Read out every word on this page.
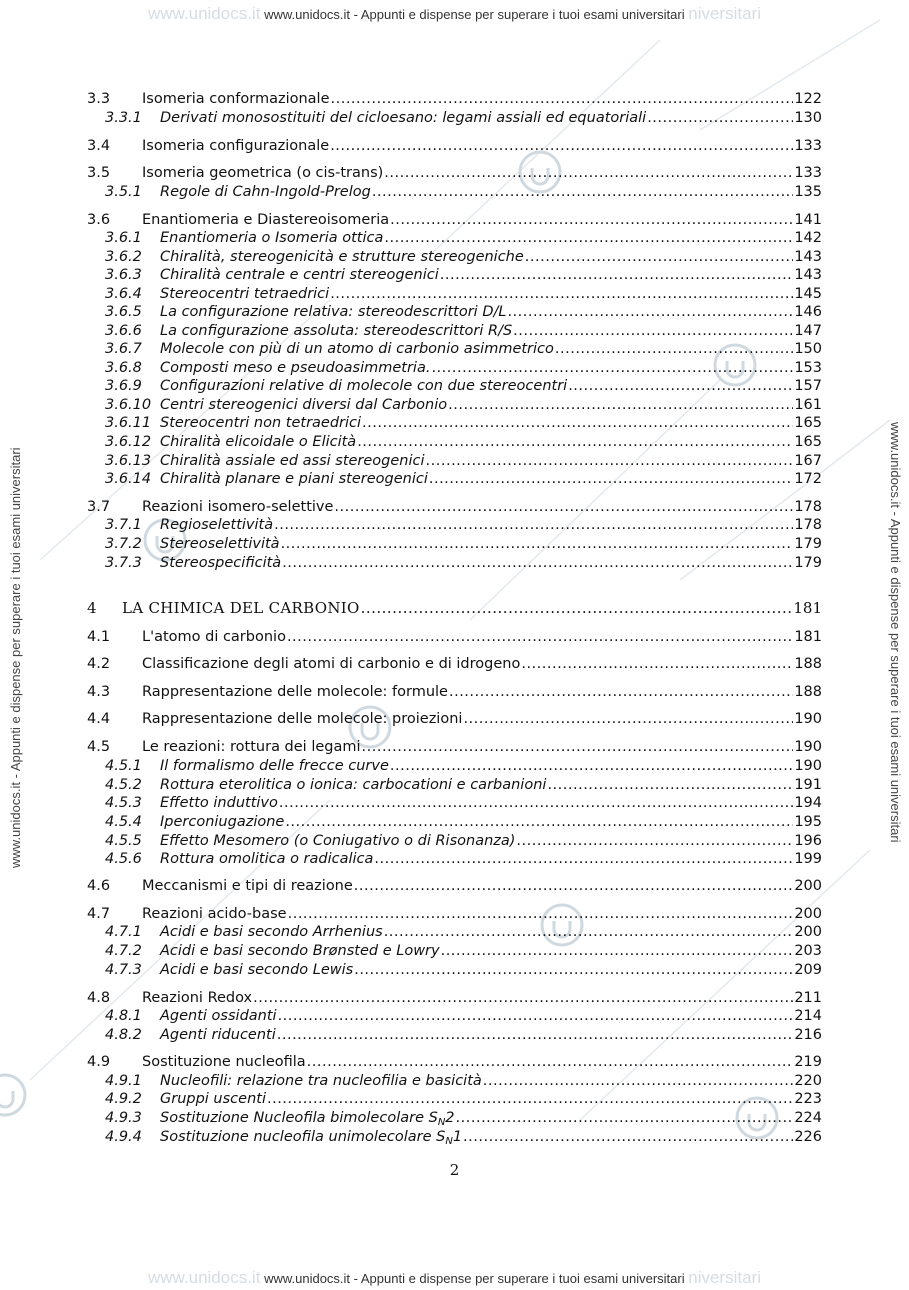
www.unidocs.it www.unidocs.it - Appunti e dispense per superare i tuoi esami universitari niversitari
www.unidocs.it - Appunti e dispense per superare i tuoi esami universitari	www.unidocs.it - Appunti e dispense per superare i tuoi esami universitari
3.3	Isomeria conformazionale .....	122
3.3.1	Derivati monosostituiti del cicloesano: legami assiali ed equatoriali .....	130
3.4	Isomeria configurazionale .....	133
3.5	Isomeria geometrica (o cis-trans) .....	133
3.5.1	Regole di Cahn-Ingold-Prelog .....	135
3.6	Enantiomeria e Diastereoisomeria .....	141
3.6.1	Enantiomeria o Isomeria ottica .....	142
3.6.2	Chiralità, stereogenicità e strutture stereogeniche .....	143
3.6.3	Chiralità centrale e centri stereogenici .....	143
3.6.4	Stereocentri tetraedrici .....	145
3.6.5	La configurazione relativa: stereodescrittori D/L .....	146
3.6.6	La configurazione assoluta: stereodescrittori R/S .....	147
3.6.7	Molecole con più di un atomo di carbonio asimmetrico .....	150
3.6.8	Composti meso e pseudoasimmetria. .....	153
3.6.9	Configurazioni relative di molecole con due stereocentri .....	157
3.6.10 Centri stereogenici diversi dal Carbonio .....	161
3.6.11 Stereocentri non tetraedrici .....	165
3.6.12 Chiralità elicoidale o Elicità .....	165
3.6.13 Chiralità assiale ed assi stereogenici .....	167
3.6.14 Chiralità planare e piani stereogenici .....	172
3.7	Reazioni isomero-selettive .....	178
3.7.1	Regioselettività .....	178
3.7.2	Stereoselettività .....	179
3.7.3	Stereospecificità .....	179
4	LA CHIMICA DEL CARBONIO .....	181
4.1	L'atomo di carbonio .....	181
4.2	Classificazione degli atomi di carbonio e di idrogeno .....	188
4.3	Rappresentazione delle molecole: formule .....	188
4.4	Rappresentazione delle molecole: proiezioni .....	190
4.5	Le reazioni: rottura dei legami .....	190
4.5.1	Il formalismo delle frecce curve .....	190
4.5.2	Rottura eterolitica o ionica: carbocationi e carbanioni .....	191
4.5.3	Effetto induttivo .....	194
4.5.4	Iperconiugazione .....	195
4.5.5	Effetto Mesomero (o Coniugativo o di Risonanza) .....	196
4.5.6	Rottura omolitica o radicalica .....	199
4.6	Meccanismi e tipi di reazione .....	200
4.7	Reazioni acido-base .....	200
4.7.1	Acidi e basi secondo Arrhenius .....	200
4.7.2	Acidi e basi secondo Brønsted e Lowry .....	203
4.7.3	Acidi e basi secondo Lewis .....	209
4.8	Reazioni Redox .....	211
4.8.1	Agenti ossidanti .....	214
4.8.2	Agenti riducenti .....	216
4.9	Sostituzione nucleofila .....	219
4.9.1	Nucleofili: relazione tra nucleofilia e basicità .....	220
4.9.2	Gruppi uscenti .....	223
4.9.3	Sostituzione Nucleofila bimolecolare $S_N2$ .....	224
4.9.4	Sostituzione nucleofila unimolecolare $S_N1$ .....	226
2
www.unidocs.it www.unidocs.it - Appunti e dispense per superare i tuoi esami universitari niversitari
